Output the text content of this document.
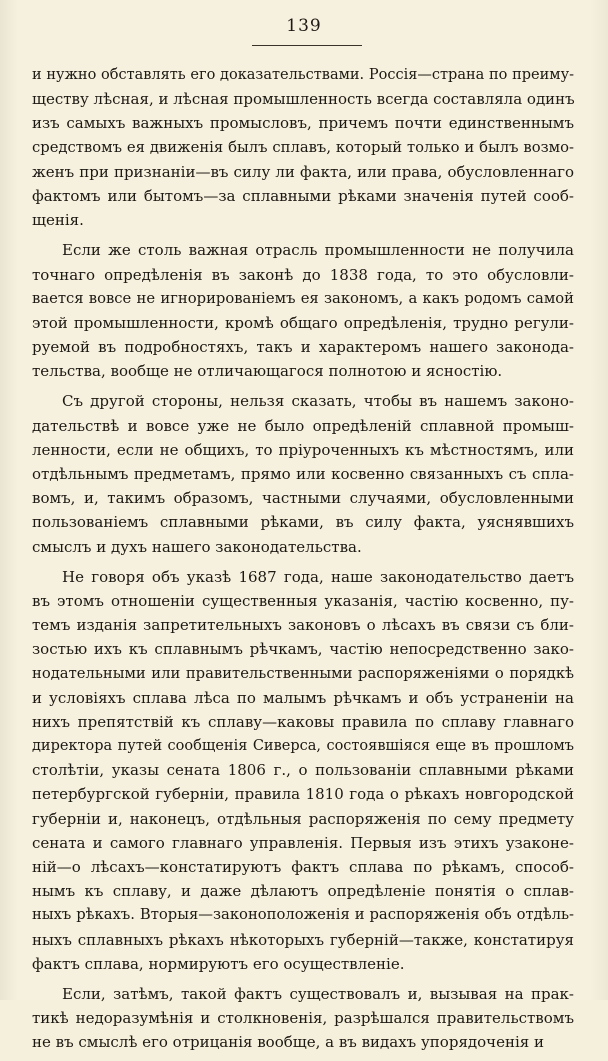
139
и нужно обставлять его доказательствами. Россія—страна по преиму-
ществу лѣсная, и лѣсная промышленность всегда составляла одинъ
изъ самыхъ важныхъ промысловъ, причемъ почти единственнымъ
средствомъ ея движенія былъ сплавъ, который только и былъ возмо-
женъ при признаніи—въ силу ли факта, или права, обусловленнаго
фактомъ или бытомъ—за сплавными рѣками значенія путей сооб-
щенія.
Если же столь важная отрасль промышленности не получила
точнаго опредѣленія въ законѣ до 1838 года, то это обусловли-
вается вовсе не игнорированіемъ ея закономъ, а какъ родомъ самой
этой промышленности, кромѣ общаго опредѣленія, трудно регули-
руемой въ подробностяхъ, такъ и характеромъ нашего законода-
тельства, вообще не отличающагося полнотою и ясностію.
Съ другой стороны, нельзя сказать, чтобы въ нашемъ законо-
дательствѣ и вовсе уже не было опредѣленій сплавной промыш-
ленности, если не общихъ, то пріуроченныхъ къ мѣстностямъ, или
отдѣльнымъ предметамъ, прямо или косвенно связанныхъ съ спла-
вомъ, и, такимъ образомъ, частными случаями, обусловленными
пользованіемъ сплавными рѣками, въ силу факта, уяснявшихъ
смыслъ и духъ нашего законодательства.
Не говоря объ указѣ 1687 года, наше законодательство даетъ
въ этомъ отношеніи существенныя указанія, частію косвенно, пу-
темъ изданія запретительныхъ законовъ о лѣсахъ въ связи съ бли-
зостью ихъ къ сплавнымъ рѣчкамъ, частію непосредственно зако-
нодательными или правительственными распоряженіями о порядкѣ
и условіяхъ сплава лѣса по малымъ рѣчкамъ и объ устраненіи на
нихъ препятствій къ сплаву—каковы правила по сплаву главнаго
директора путей сообщенія Сиверса, состоявшіяся еще въ прошломъ
столѣтіи, указы сената 1806 г., о пользованіи сплавными рѣками
петербургской губерніи, правила 1810 года о рѣкахъ новгородской
губерніи и, наконецъ, отдѣльныя распоряженія по сему предмету
сената и самого главнаго управленія. Первыя изъ этихъ узаконе-
ній—о лѣсахъ—констатируютъ фактъ сплава по рѣкамъ, способ-
нымъ къ сплаву, и даже дѣлаютъ опредѣленіе понятія о сплав-
ныхъ рѣкахъ. Вторыя—законоположенія и распоряженія объ отдѣль-
ныхъ сплавныхъ рѣкахъ нѣкоторыхъ губерній—также, констатируя
фактъ сплава, нормируютъ его осуществленіе.
Если, затѣмъ, такой фактъ существовалъ и, вызывая на прак-
тикѣ недоразумѣнія и столкновенія, разрѣшался правительствомъ
не въ смыслѣ его отрицанія вообще, а въ видахъ упорядоченія и
